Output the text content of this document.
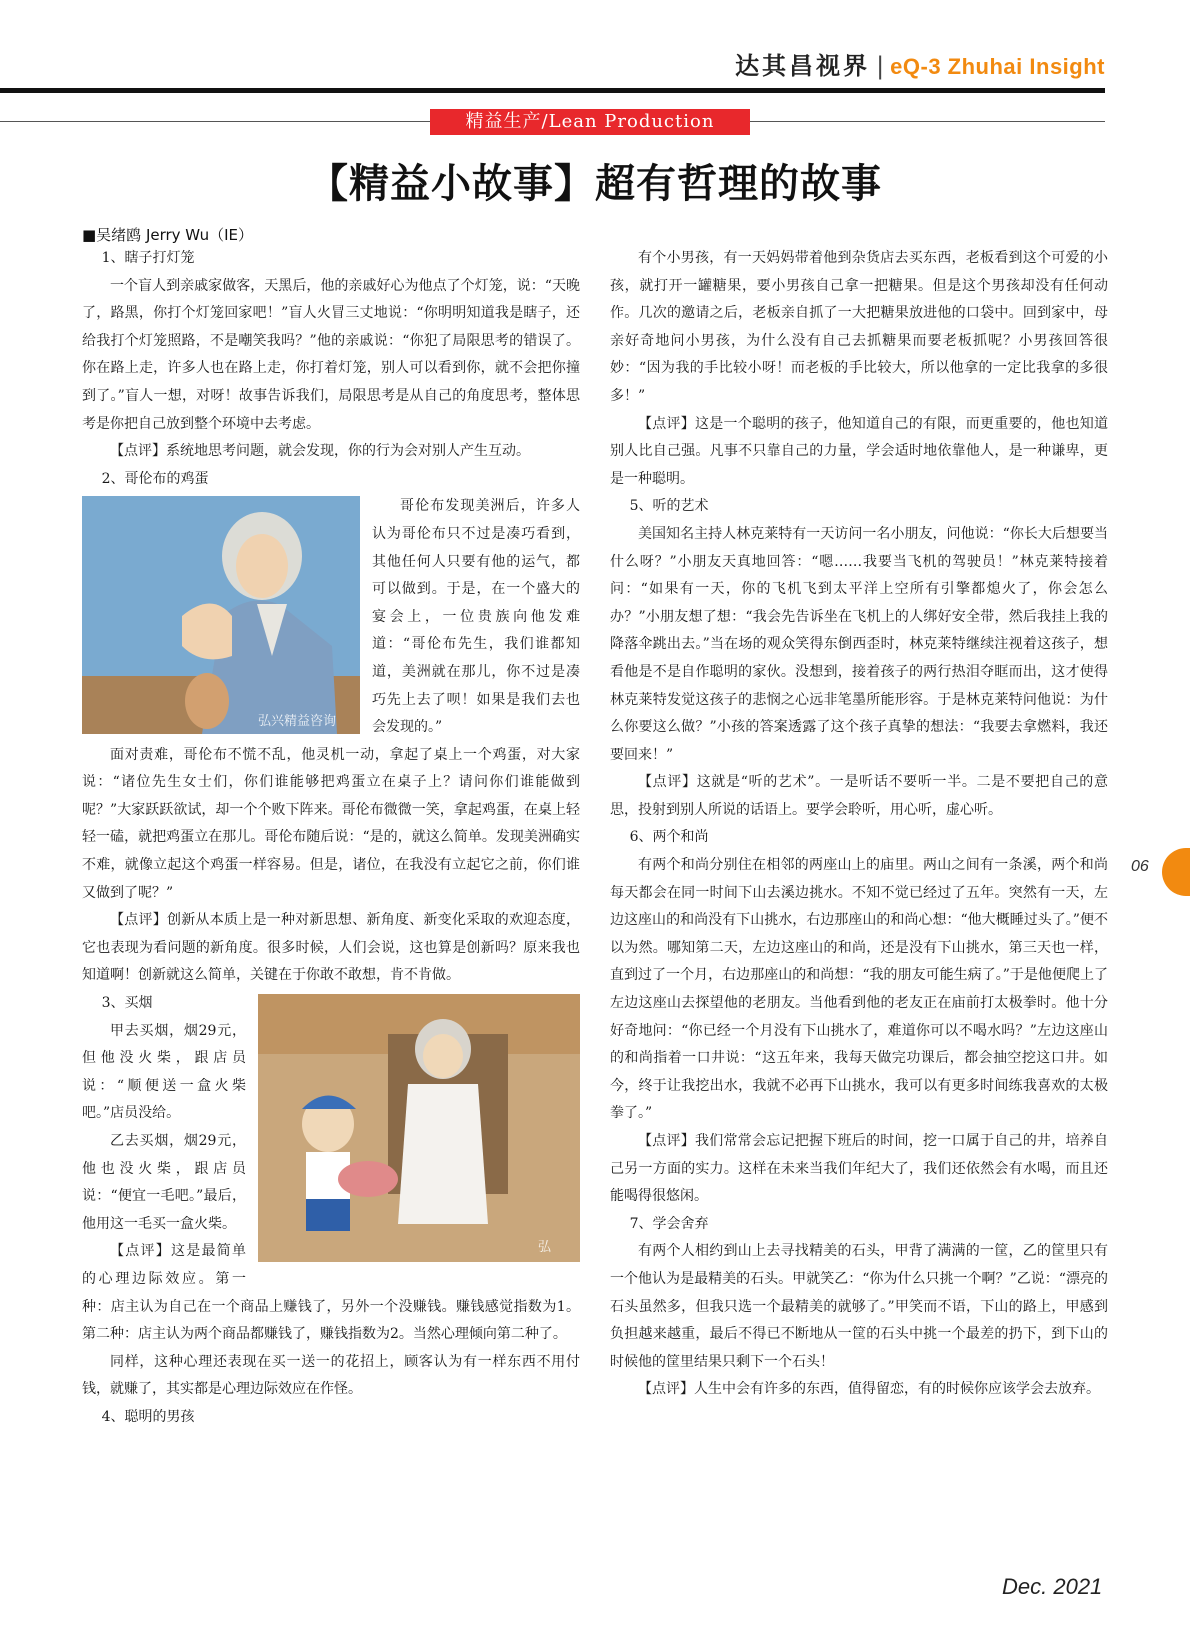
达其昌视界 | eQ-3 Zhuhai Insight
精益生产/Lean Production
【精益小故事】超有哲理的故事
■吴绪鸥 Jerry Wu（IE）

1、瞎子打灯笼

一个盲人到亲戚家做客，天黑后，他的亲戚好心为他点了个灯笼，说：“天晚了，路黑，你打个灯笼回家吧！”盲人火冒三丈地说：“你明明知道我是瞎子，还给我打个灯笼照路，不是嘲笑我吗？”他的亲戚说：“你犯了局限思考的错误了。你在路上走，许多人也在路上走，你打着灯笼，别人可以看到你，就不会把你撞到了。”盲人一想，对呀！故事告诉我们，局限思考是从自己的角度思考，整体思考是你把自己放到整个环境中去考虑。

【点评】系统地思考问题，就会发现，你的行为会对别人产生互动。

2、哥伦布的鸡蛋

弘兴精益咨询

哥伦布发现美洲后，许多人认为哥伦布只不过是凑巧看到，其他任何人只要有他的运气，都可以做到。于是，在一个盛大的宴会上，一位贵族向他发难道：“哥伦布先生，我们谁都知道，美洲就在那儿，你不过是凑巧先上去了呗！如果是我们去也会发现的。”

面对责难，哥伦布不慌不乱，他灵机一动，拿起了桌上一个鸡蛋，对大家说：“诸位先生女士们，你们谁能够把鸡蛋立在桌子上？请问你们谁能做到呢？”大家跃跃欲试，却一个个败下阵来。哥伦布微微一笑，拿起鸡蛋，在桌上轻轻一磕，就把鸡蛋立在那儿。哥伦布随后说：“是的，就这么简单。发现美洲确实不难，就像立起这个鸡蛋一样容易。但是，诸位，在我没有立起它之前，你们谁又做到了呢？”

【点评】创新从本质上是一种对新思想、新角度、新变化采取的欢迎态度，它也表现为看问题的新角度。很多时候，人们会说，这也算是创新吗？原来我也知道啊！创新就这么简单，关键在于你敢不敢想，肯不肯做。

弘

3、买烟

甲去买烟，烟29元，但他没火柴，跟店员说：“顺便送一盒火柴吧。”店员没给。

乙去买烟，烟29元，他也没火柴，跟店员说：“便宜一毛吧。”最后，他用这一毛买一盒火柴。

【点评】这是最简单的心理边际效应。第一种：店主认为自己在一个商品上赚钱了，另外一个没赚钱。赚钱感觉指数为1。第二种：店主认为两个商品都赚钱了，赚钱指数为2。当然心理倾向第二种了。

同样，这种心理还表现在买一送一的花招上，顾客认为有一样东西不用付钱，就赚了，其实都是心理边际效应在作怪。

4、聪明的男孩

有个小男孩，有一天妈妈带着他到杂货店去买东西，老板看到这个可爱的小孩，就打开一罐糖果，要小男孩自己拿一把糖果。但是这个男孩却没有任何动作。几次的邀请之后，老板亲自抓了一大把糖果放进他的口袋中。回到家中，母亲好奇地问小男孩，为什么没有自己去抓糖果而要老板抓呢？小男孩回答很妙：“因为我的手比较小呀！而老板的手比较大，所以他拿的一定比我拿的多很多！”

【点评】这是一个聪明的孩子，他知道自己的有限，而更重要的，他也知道别人比自己强。凡事不只靠自己的力量，学会适时地依靠他人，是一种谦卑，更是一种聪明。

5、听的艺术

美国知名主持人林克莱特有一天访问一名小朋友，问他说：“你长大后想要当什么呀？”小朋友天真地回答：“嗯……我要当飞机的驾驶员！”林克莱特接着问：“如果有一天，你的飞机飞到太平洋上空所有引擎都熄火了，你会怎么办？”小朋友想了想：“我会先告诉坐在飞机上的人绑好安全带，然后我挂上我的降落伞跳出去。”当在场的观众笑得东倒西歪时，林克莱特继续注视着这孩子，想看他是不是自作聪明的家伙。没想到，接着孩子的两行热泪夺眶而出，这才使得林克莱特发觉这孩子的悲悯之心远非笔墨所能形容。于是林克莱特问他说：为什么你要这么做？”小孩的答案透露了这个孩子真挚的想法：“我要去拿燃料，我还要回来！”

【点评】这就是“听的艺术”。一是听话不要听一半。二是不要把自己的意思，投射到别人所说的话语上。要学会聆听，用心听，虚心听。

6、两个和尚

有两个和尚分别住在相邻的两座山上的庙里。两山之间有一条溪，两个和尚每天都会在同一时间下山去溪边挑水。不知不觉已经过了五年。突然有一天，左边这座山的和尚没有下山挑水，右边那座山的和尚心想：“他大概睡过头了。”便不以为然。哪知第二天，左边这座山的和尚，还是没有下山挑水，第三天也一样，直到过了一个月，右边那座山的和尚想：“我的朋友可能生病了。”于是他便爬上了左边这座山去探望他的老朋友。当他看到他的老友正在庙前打太极拳时。他十分好奇地问：“你已经一个月没有下山挑水了，难道你可以不喝水吗？”左边这座山的和尚指着一口井说：“这五年来，我每天做完功课后，都会抽空挖这口井。如今，终于让我挖出水，我就不必再下山挑水，我可以有更多时间练我喜欢的太极拳了。”

【点评】我们常常会忘记把握下班后的时间，挖一口属于自己的井，培养自己另一方面的实力。这样在未来当我们年纪大了，我们还依然会有水喝，而且还能喝得很悠闲。

7、学会舍弃

有两个人相约到山上去寻找精美的石头，甲背了满满的一筐，乙的筐里只有一个他认为是最精美的石头。甲就笑乙：“你为什么只挑一个啊？”乙说：“漂亮的石头虽然多，但我只选一个最精美的就够了。”甲笑而不语，下山的路上，甲感到负担越来越重，最后不得已不断地从一筐的石头中挑一个最差的扔下，到下山的时候他的筐里结果只剩下一个石头！

【点评】人生中会有许多的东西，值得留恋，有的时候你应该学会去放弃。

06
Dec. 2021
